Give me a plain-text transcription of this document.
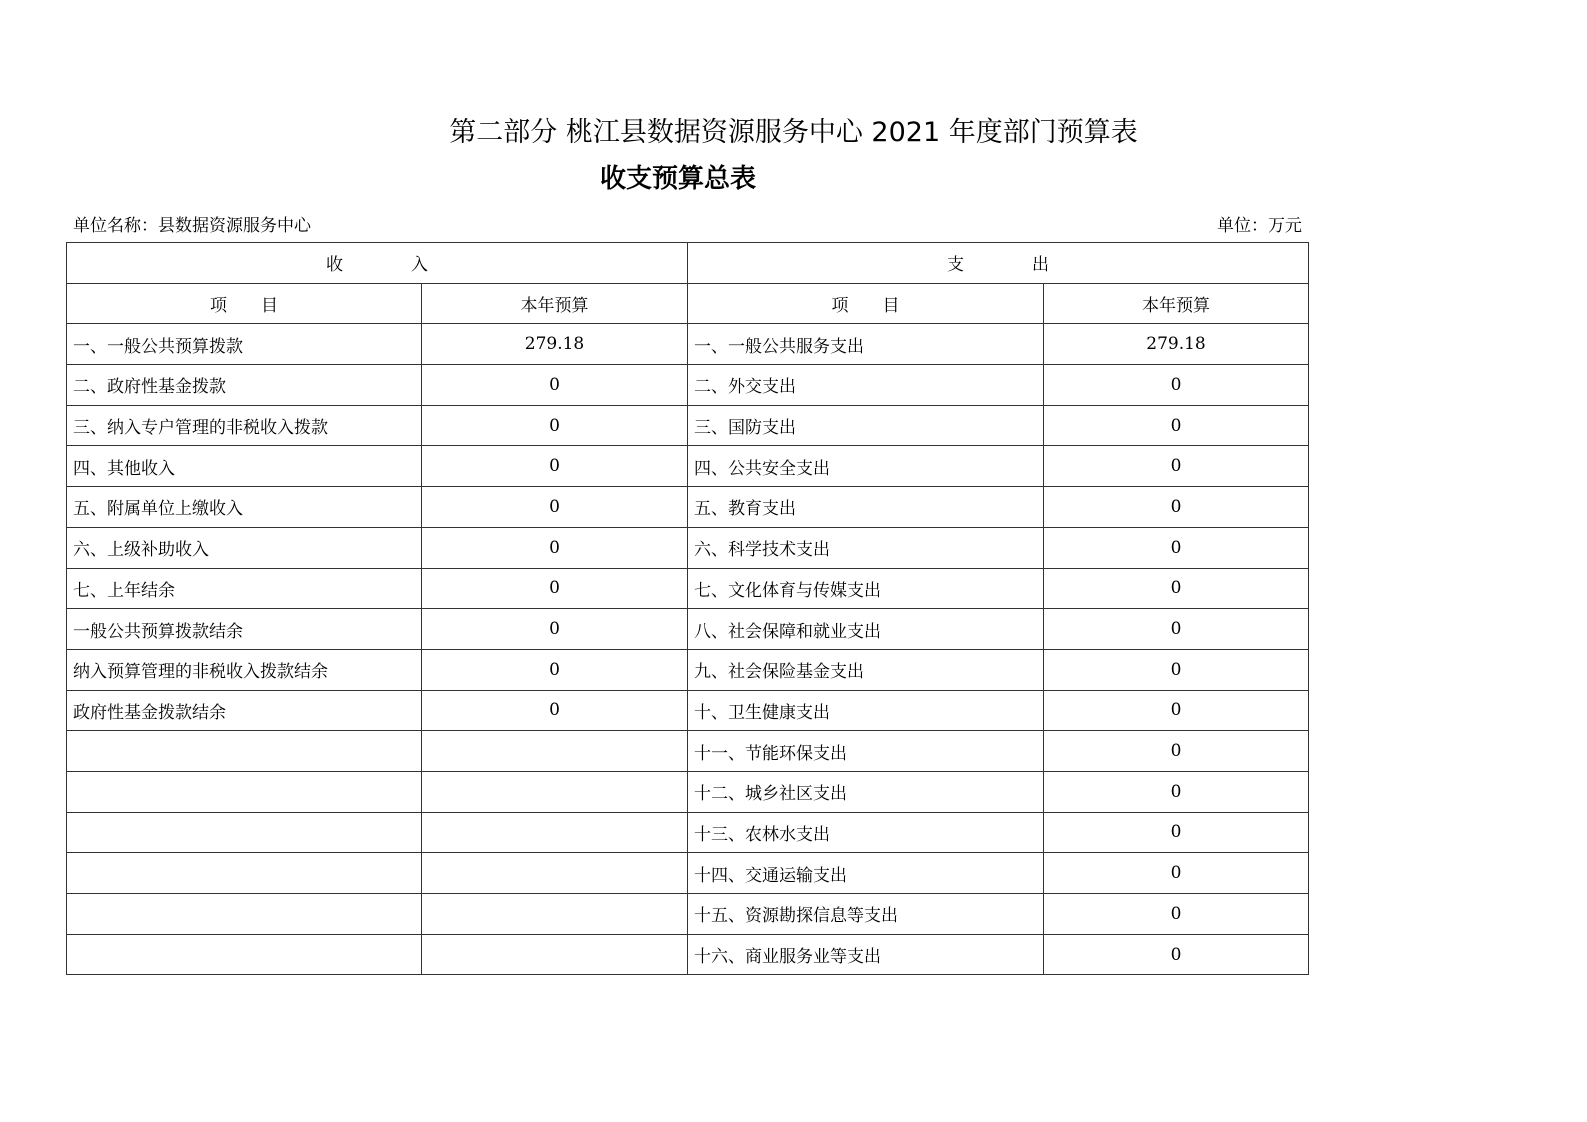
第二部分 桃江县数据资源服务中心 2021 年度部门预算表
收支预算总表
单位名称：县数据资源服务中心	单位：万元
收　　　　入		支　　　　出	
项　　目	本年预算	项　　目	本年预算
一、一般公共预算拨款	279.18	一、一般公共服务支出	279.18
二、政府性基金拨款	0	二、外交支出	0
三、纳入专户管理的非税收入拨款	0	三、国防支出	0
四、其他收入	0	四、公共安全支出	0
五、附属单位上缴收入	0	五、教育支出	0
六、上级补助收入	0	六、科学技术支出	0
七、上年结余	0	七、文化体育与传媒支出	0
一般公共预算拨款结余	0	八、社会保障和就业支出	0
纳入预算管理的非税收入拨款结余	0	九、社会保险基金支出	0
政府性基金拨款结余	0	十、卫生健康支出	0
		十一、节能环保支出	0
		十二、城乡社区支出	0
		十三、农林水支出	0
		十四、交通运输支出	0
		十五、资源勘探信息等支出	0
		十六、商业服务业等支出	0
